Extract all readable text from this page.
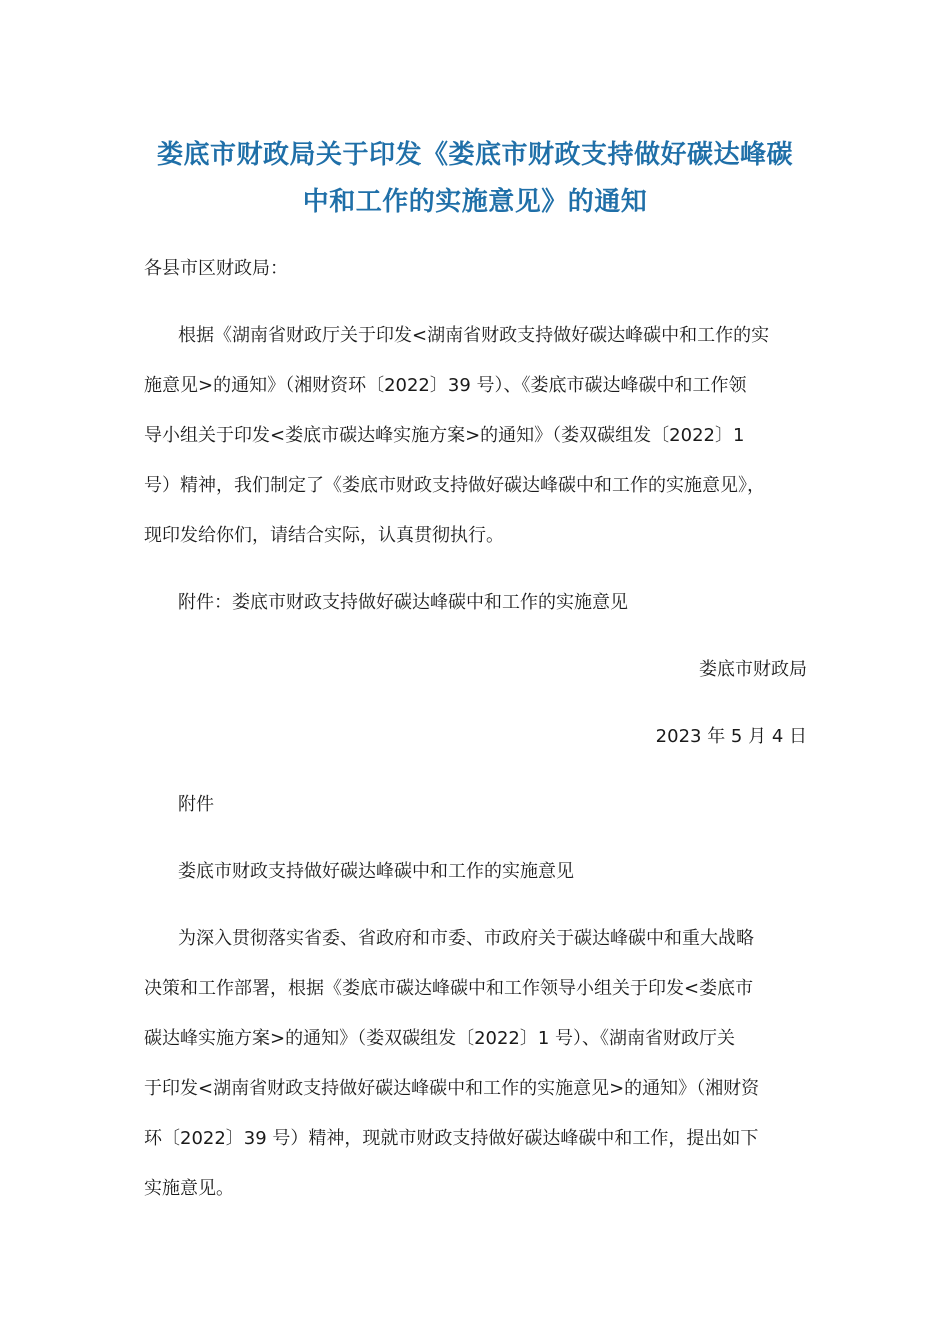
娄底市财政局关于印发《娄底市财政支持做好碳达峰碳
中和工作的实施意见》的通知
各县市区财政局：
根据《湖南省财政厅关于印发<湖南省财政支持做好碳达峰碳中和工作的实
施意见>的通知》（湘财资环〔2022〕39 号）、《娄底市碳达峰碳中和工作领
导小组关于印发<娄底市碳达峰实施方案>的通知》（娄双碳组发〔2022〕1
号）精神，我们制定了《娄底市财政支持做好碳达峰碳中和工作的实施意见》，
现印发给你们，请结合实际，认真贯彻执行。
附件：娄底市财政支持做好碳达峰碳中和工作的实施意见
娄底市财政局
2023 年 5 月 4 日
附件
娄底市财政支持做好碳达峰碳中和工作的实施意见
为深入贯彻落实省委、省政府和市委、市政府关于碳达峰碳中和重大战略
决策和工作部署，根据《娄底市碳达峰碳中和工作领导小组关于印发<娄底市
碳达峰实施方案>的通知》（娄双碳组发〔2022〕1 号）、《湖南省财政厅关
于印发<湖南省财政支持做好碳达峰碳中和工作的实施意见>的通知》（湘财资
环〔2022〕39 号）精神，现就市财政支持做好碳达峰碳中和工作，提出如下
实施意见。
